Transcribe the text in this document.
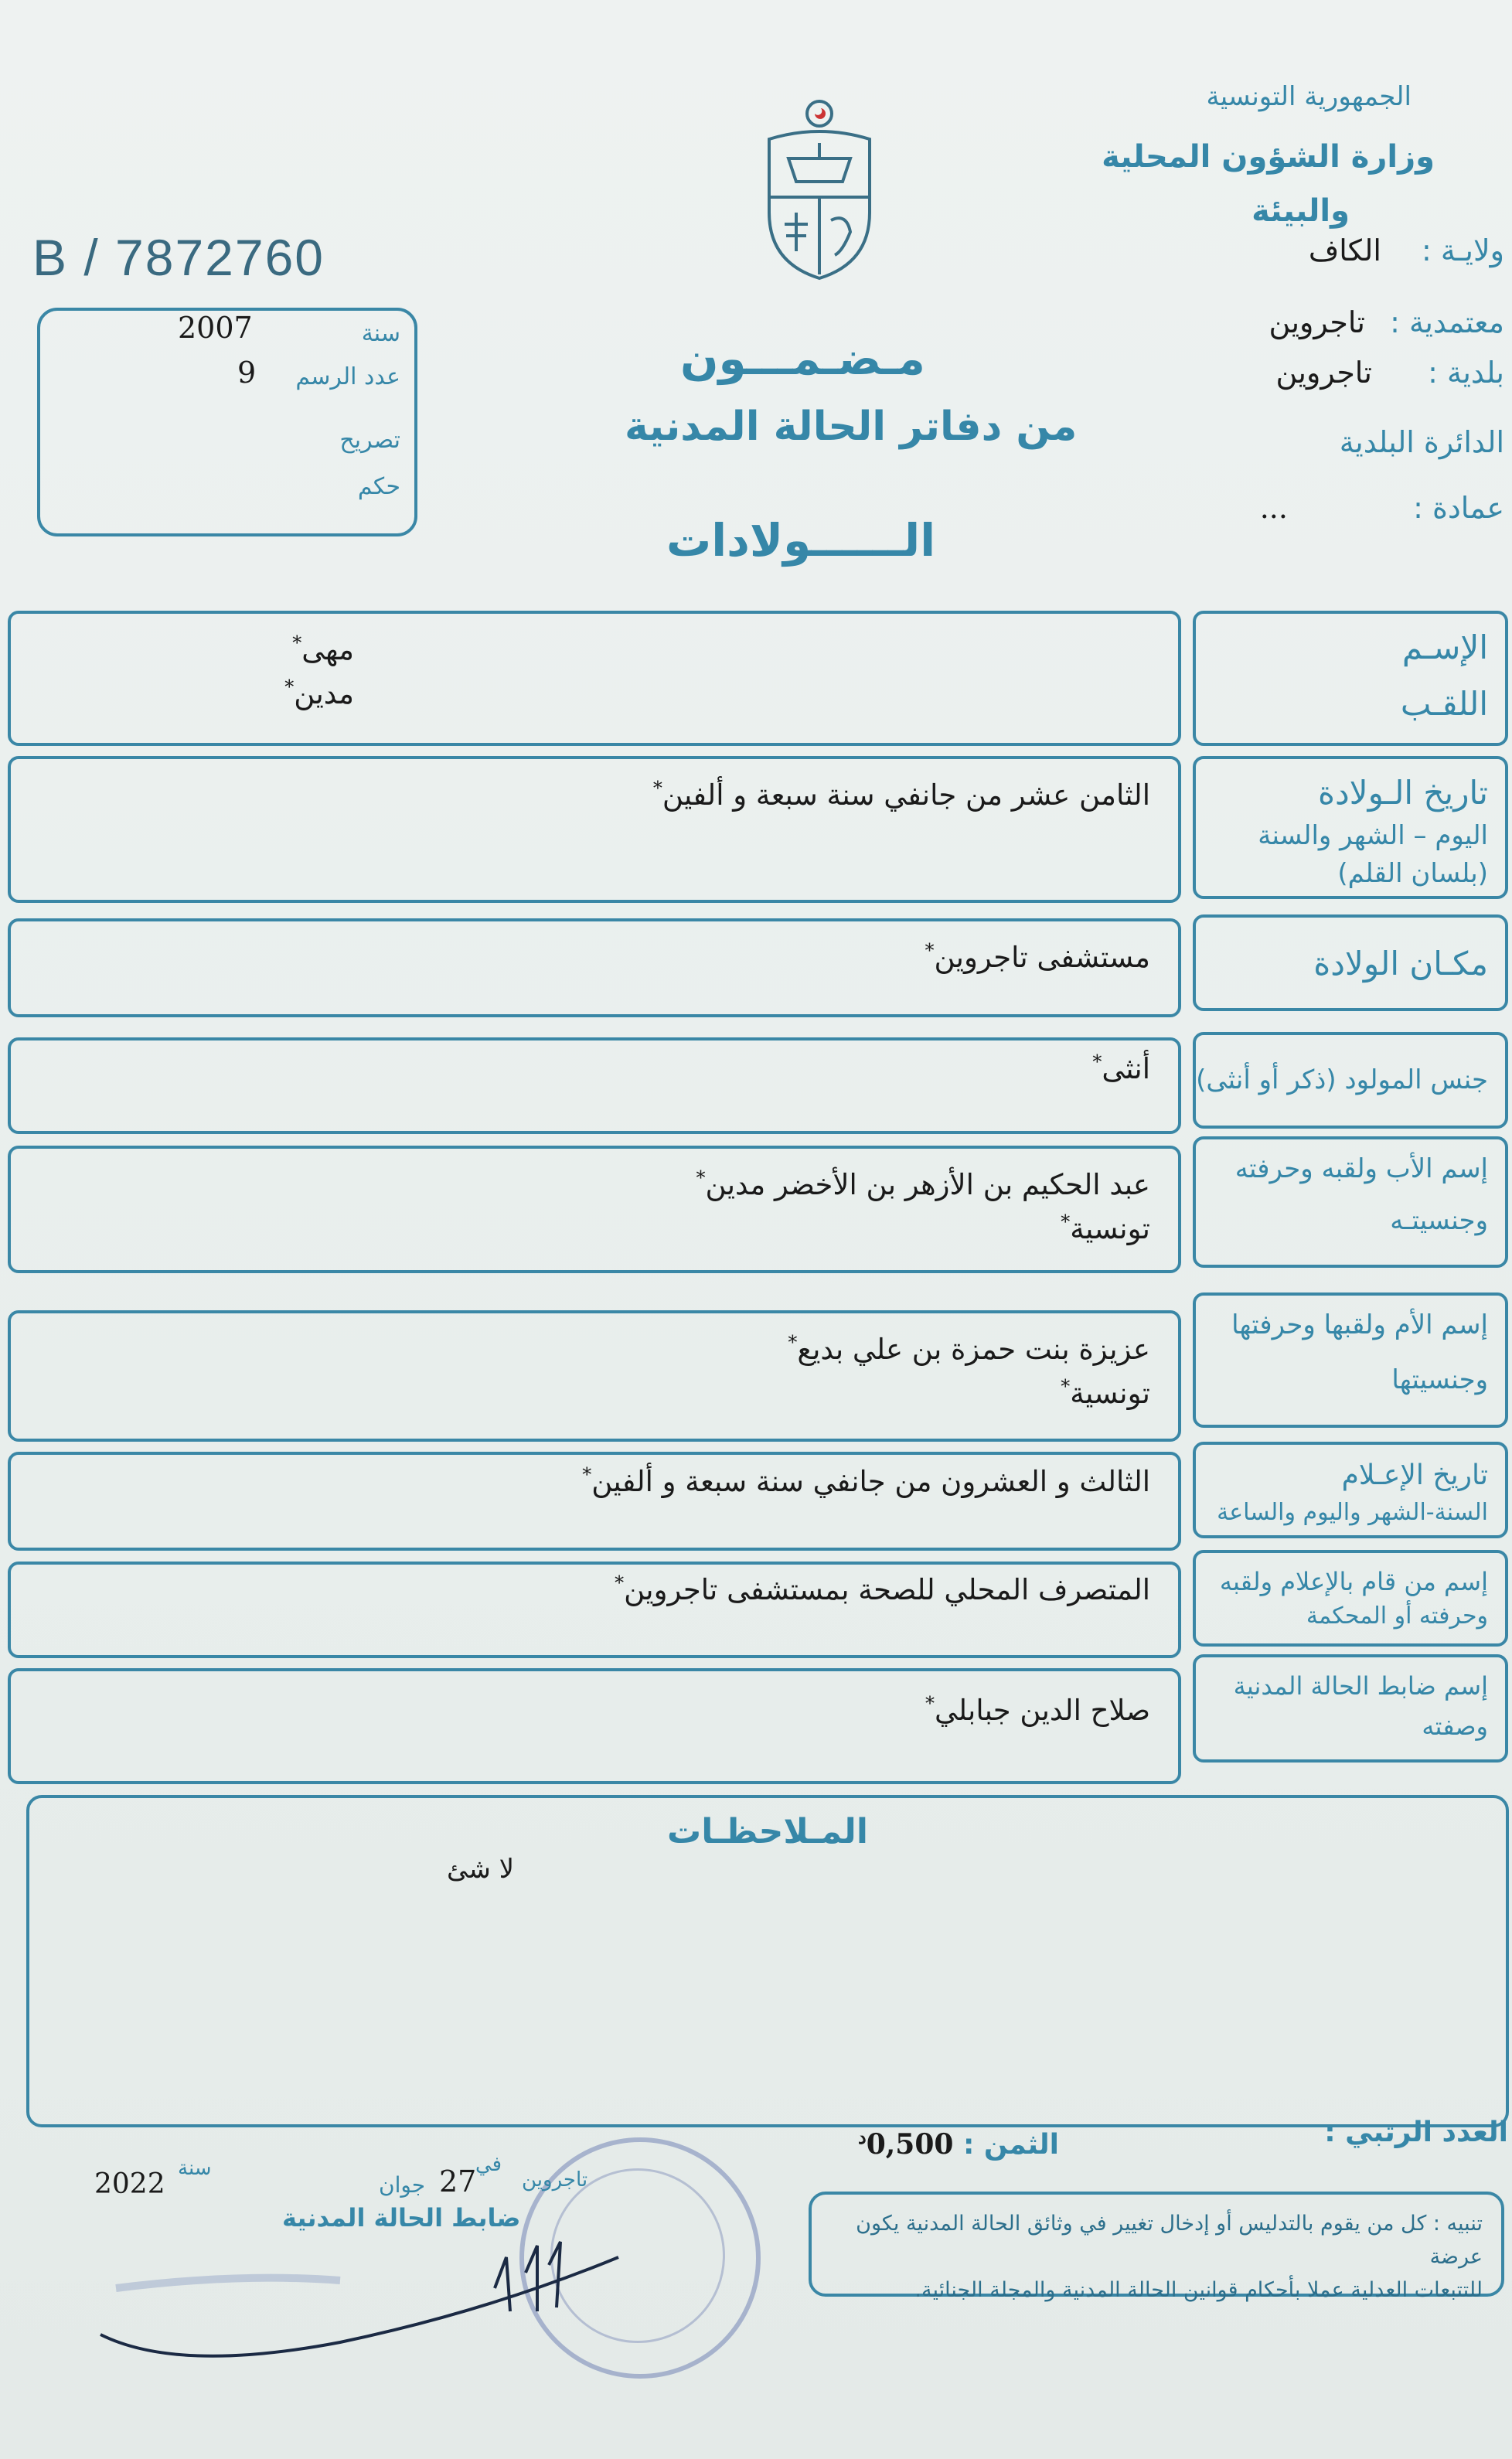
الجمهورية التونسية
وزارة الشؤون المحلية
والبيئة
ولايـة : الكاف
معتمدية : تاجروين
بلدية : تاجروين
الدائرة البلدية
عمادة : ...
B / 7872760
سنة
2007
عدد الرسم
9
تصريح
حكم
مـضـمـــون
من دفاتر الحالة المدنية
الــــــولادات
الإسـم
اللقـب
مهى*
مدين*
تاريخ الـولادة
اليوم – الشهر والسنة
(بلسان القلم)
الثامن عشر من جانفي سنة سبعة و ألفين*
مكـان الولادة
مستشفى تاجروين*
جنس المولود (ذكر أو أنثى)
أنثى*
إسم الأب ولقبه وحرفته
وجنسيتـه
عبد الحكيم بن الأزهر بن الأخضر مدين*
تونسية*
إسم الأم ولقبها وحرفتها
وجنسيتها
عزيزة بنت حمزة بن علي بديع*
تونسية*
تاريخ الإعـلام
السنة-الشهر واليوم والساعة
الثالث و العشرون من جانفي سنة سبعة و ألفين*
إسم من قام بالإعلام ولقبه
وحرفته أو المحكمة
المتصرف المحلي للصحة بمستشفى تاجروين*
إسم ضابط الحالة المدنية
وصفته
صلاح الدين جبابلي*
المـلاحظـات
لا شئ
العدد الرتبي :
الثمن : $0,500^د$
تنبيه : كل من يقوم بالتدليس أو إدخال تغيير في وثائق الحالة المدنية يكون عرضة
للتتبعات العدلية عملا بأحكام قوانين الحالة المدنية والمجلة الجنائية.
تاجروين
في
27
جوان
سنة
2022
ضابط الحالة المدنية
